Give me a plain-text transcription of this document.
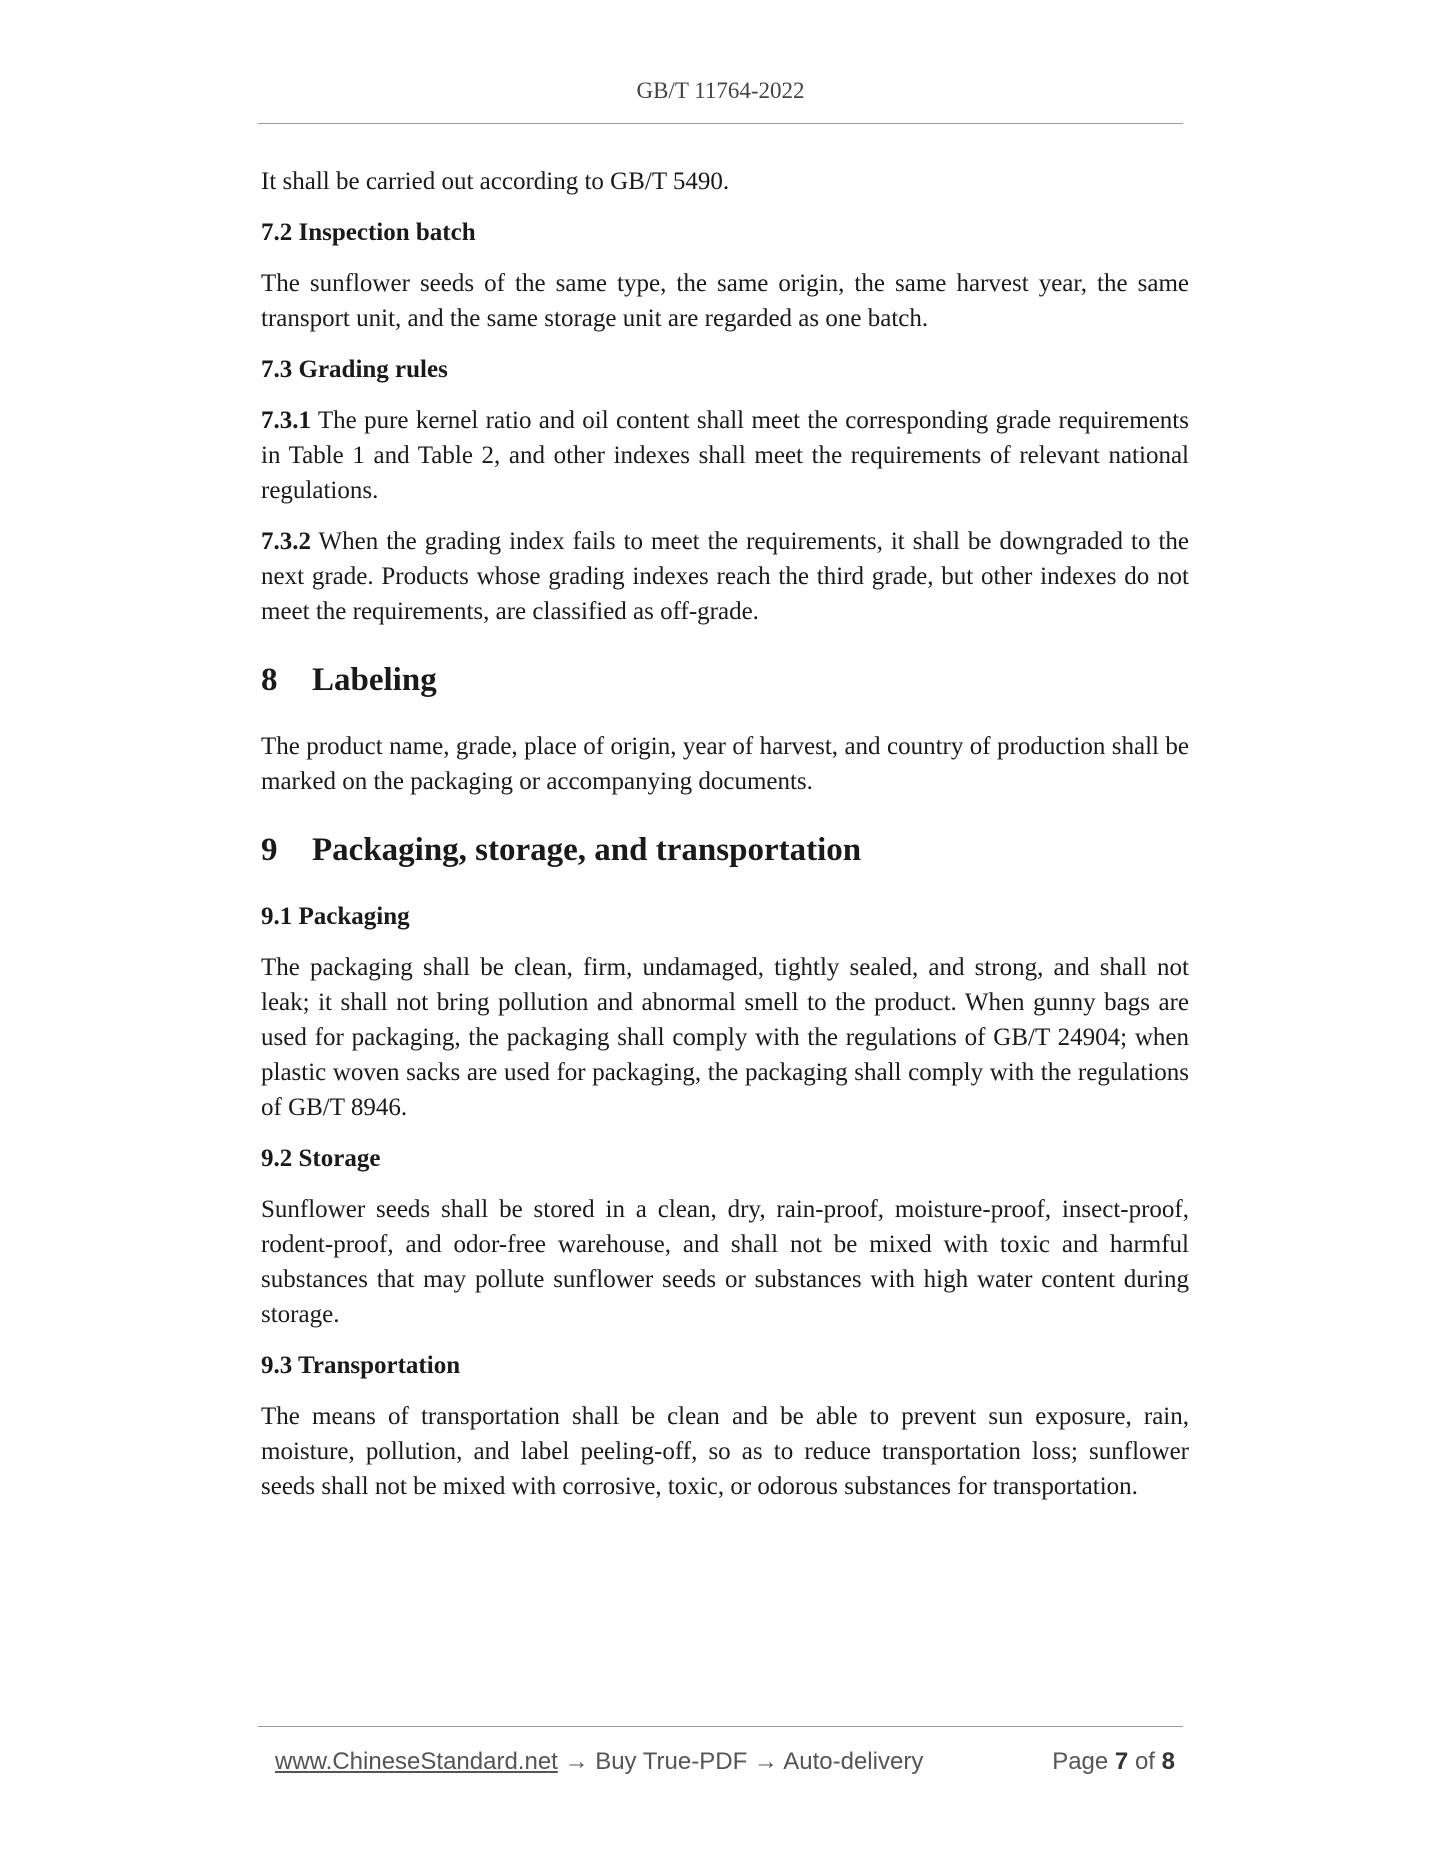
GB/T 11764-2022

It shall be carried out according to GB/T 5490.

7.2 Inspection batch

The sunflower seeds of the same type, the same origin, the same harvest year, the same transport unit, and the same storage unit are regarded as one batch.

7.3 Grading rules

7.3.1 The pure kernel ratio and oil content shall meet the corresponding grade requirements in Table 1 and Table 2, and other indexes shall meet the requirements of relevant national regulations.

7.3.2 When the grading index fails to meet the requirements, it shall be downgraded to the next grade. Products whose grading indexes reach the third grade, but other indexes do not meet the requirements, are classified as off-grade.

8 Labeling

The product name, grade, place of origin, year of harvest, and country of production shall be marked on the packaging or accompanying documents.

9 Packaging, storage, and transportation
9.1 Packaging

The packaging shall be clean, firm, undamaged, tightly sealed, and strong, and shall not leak; it shall not bring pollution and abnormal smell to the product. When gunny bags are used for packaging, the packaging shall comply with the regulations of GB/T 24904; when plastic woven sacks are used for packaging, the packaging shall comply with the regulations of GB/T 8946.

9.2 Storage

Sunflower seeds shall be stored in a clean, dry, rain-proof, moisture-proof, insect-proof, rodent-proof, and odor-free warehouse, and shall not be mixed with toxic and harmful substances that may pollute sunflower seeds or substances with high water content during storage.

9.3 Transportation

The means of transportation shall be clean and be able to prevent sun exposure, rain, moisture, pollution, and label peeling-off, so as to reduce transportation loss; sunflower seeds shall not be mixed with corrosive, toxic, or odorous substances for transportation.

www.ChineseStandard.net → Buy True-PDF → Auto-delivery	Page 7 of 8
